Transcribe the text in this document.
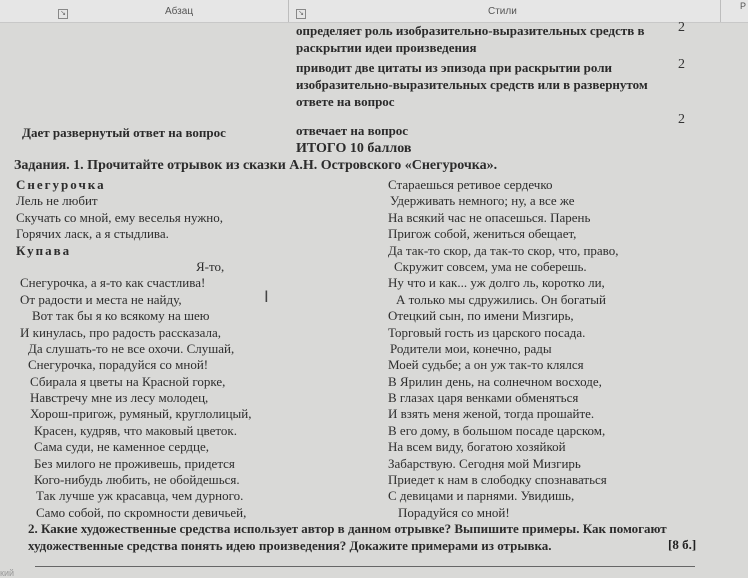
↘	Абзац	↘	Стили	Р
определяет роль изобразительно-выразительных средств в раскрытии идеи произведения
2
приводит две цитаты из эпизода при раскрытии роли изобразительно-выразительных средств или в развернутом ответе на вопрос
2
Дает развернутый ответ на вопрос	отвечает на вопрос
2
ИТОГО 10 баллов
Задания. 1. Прочитайте отрывок из сказки А.Н. Островского «Снегурочка».
Снегурочка
Лель не любит
Скучать со мной, ему веселья нужно,
Горячих ласк, а я стыдлива.
Купава
Я-то,
Снегурочка, а я-то как счастлива!
От радости и места не найду,
Вот так бы я ко всякому на шею
И кинулась, про радость рассказала,
Да слушать-то не все охочи. Слушай,
Снегурочка, порадуйся со мной!
Сбирала я цветы на Красной горке,
Навстречу мне из лесу молодец,
Хорош-пригож, румяный, круглолицый,
Красен, кудряв, что маковый цветок.
Сама суди, не каменное сердце,
Без милого не проживешь, придется
Кого-нибудь любить, не обойдешься.
Так лучше уж красавца, чем дурного.
Само собой, по скромности девичьей,
Стараешься ретивое сердечко
Удерживать немного; ну, а все же
На всякий час не опасешься. Парень
Пригож собой, жениться обещает,
Да так-то скор, да так-то скор, что, право,
Скружит совсем, ума не соберешь.
Ну что и как... уж долго ль, коротко ли,
А только мы сдружились. Он богатый
Отецкий сын, по имени Мизгирь,
Торговый гость из царского посада.
Родители мои, конечно, рады
Моей судьбе; а он уж так-то клялся
В Ярилин день, на солнечном восходе,
В глазах царя венками обменяться
И взять меня женой, тогда прошайте.
В его дому, в большом посаде царском,
На всем виду, богатою хозяйкой
Забарствую. Сегодня мой Мизгирь
Приедет к нам в слободку спознаваться
С девицами и парнями. Увидишь,
Порадуйся со мной!
I
2. Какие художественные средства использует автор в данном отрывке? Выпишите примеры. Как помогают художественные средства понять идею произведения? Докажите примерами из отрывка.	[8 б.]
кий
